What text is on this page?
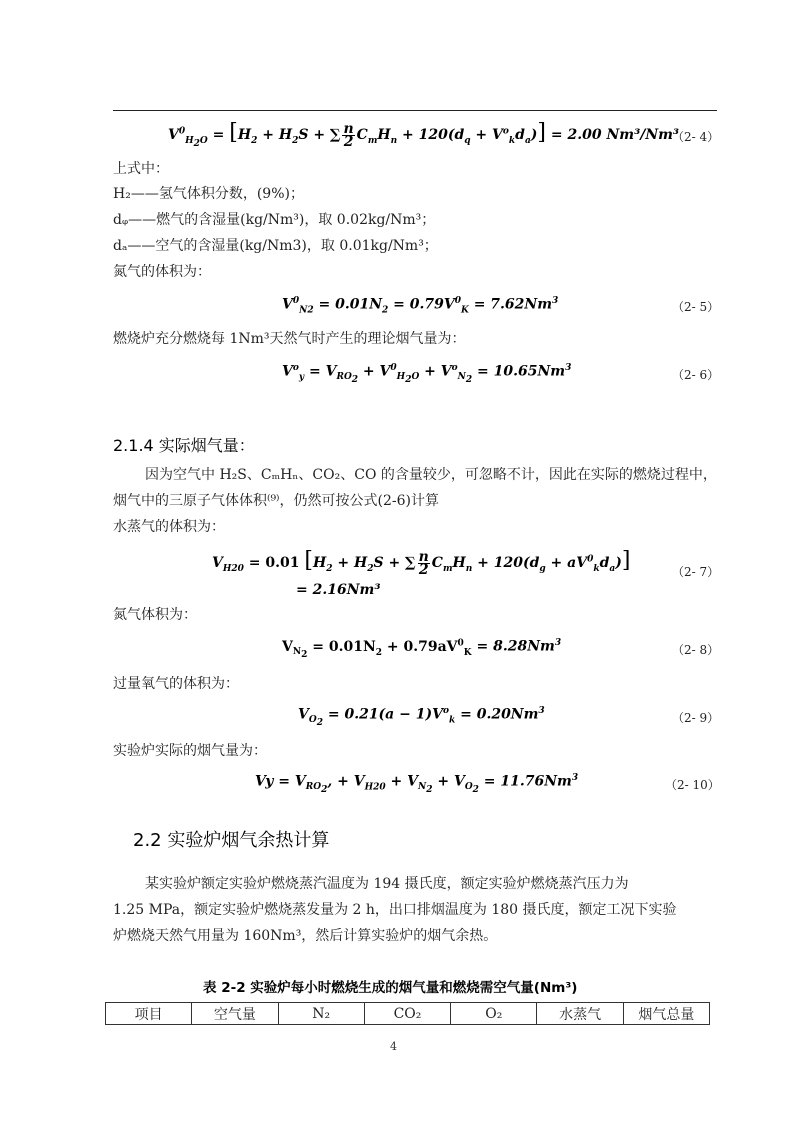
$V^0_{H_2O} = [H_2 + H_2S$ + ∑ $\frac{n}{2} C_mH_n + 120(d_q + V^o_kd_a)] = 2.00$ Nm³/Nm³
（2- 4）
上式中：
H₂——氢气体积分数，(9%)；
dᵩ——燃气的含湿量(kg/Nm³)，取 0.02kg/Nm³；
dₐ——空气的含湿量(kg/Nm3)，取 0.01kg/Nm³；
氮气的体积为：
$V^0_{N2} = 0.01N_2 = 0.79V^0_K = 7.62Nm^3$	（2- 5）
燃烧炉充分燃烧每 1Nm³天然气时产生的理论烟气量为：
$V^o_y = V_{RO_2} + V^0_{H_2O} + V^o_{N_2} = 10.65Nm^3$	（2- 6）
2.1.4 实际烟气量：
因为空气中 H₂S、CₘHₙ、CO₂、CO 的含量较少，可忽略不计，因此在实际的燃烧过程中，
烟气中的三原子气体体积⁽⁹⁾，仍然可按公式(2-6)计算
水蒸气的体积为：
$V_{H20} = 0.01$ [$H_2 + H_2S$ + ∑ $\frac{n}{2} C_mH_n + 120(d_g + aV^0_kd_a)$]
= 2.16Nm³
（2- 7）
氮气体积为：
$V_{N_2} = 0.01N_2 + 0.79aV^0_K = 8.28Nm^3$	（2- 8）
过量氧气的体积为：
$V_{O_2} = 0.21(a - 1)V^o_k = 0.20Nm^3$	（2- 9）
实验炉实际的烟气量为：
$Vy = V_{RO_2}$, + $V_{H20} + V_{N_2} + V_{O_2} = 11.76Nm^3$	（2- 10）
2.2 实验炉烟气余热计算
某实验炉额定实验炉燃烧蒸汽温度为 194 摄氏度，额定实验炉燃烧蒸汽压力为
1.25 MPa，额定实验炉燃烧蒸发量为 2 h，出口排烟温度为 180 摄氏度，额定工况下实验
炉燃烧天然气用量为 160Nm³，然后计算实验炉的烟气余热。
表 2-2 实验炉每小时燃烧生成的烟气量和燃烧需空气量(Nm³)
项目	空气量	N₂	CO₂	O₂	水蒸气	烟气总量
4
